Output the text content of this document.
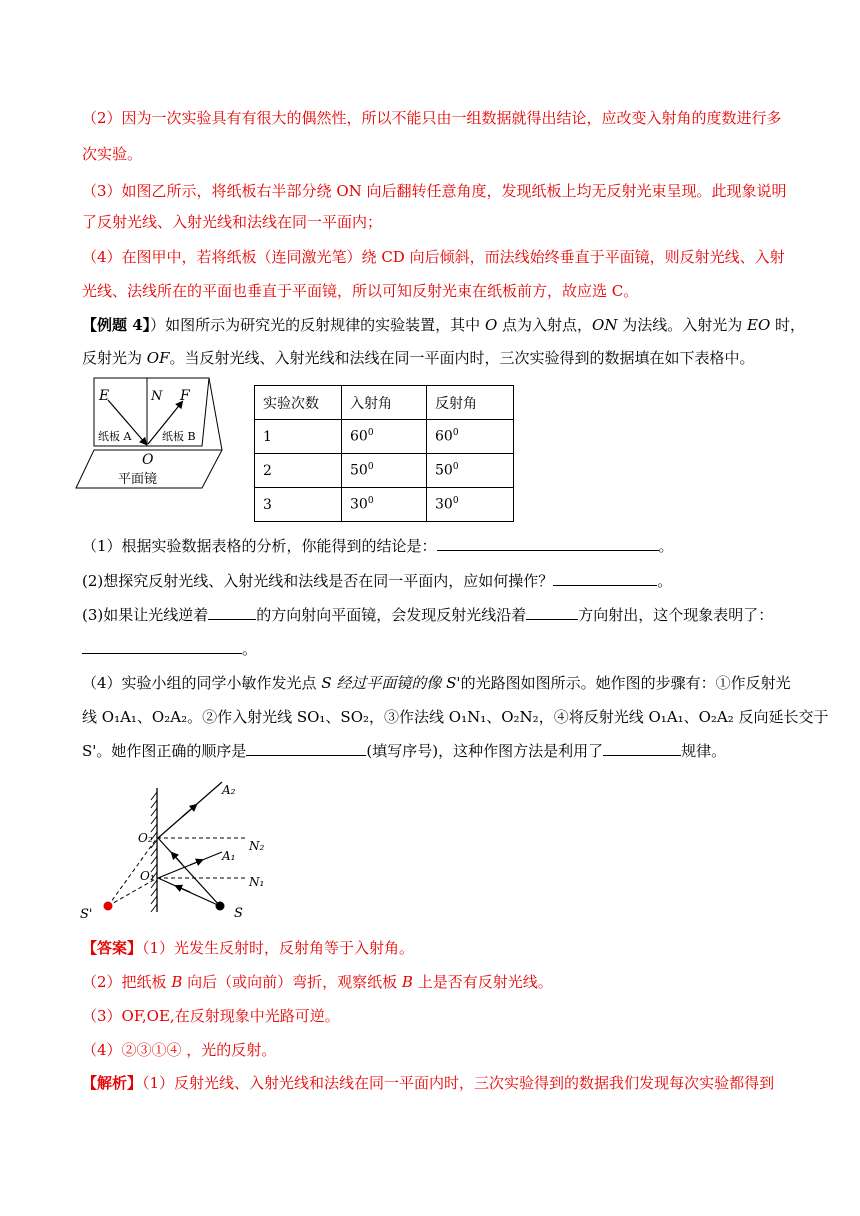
（2）因为一次实验具有有很大的偶然性，所以不能只由一组数据就得出结论，应改变入射角的度数进行多
次实验。
（3）如图乙所示，将纸板右半部分绕 ON 向后翻转任意角度，发现纸板上均无反射光束呈现。此现象说明
了反射光线、入射光线和法线在同一平面内；
（4）在图甲中，若将纸板（连同激光笔）绕 CD 向后倾斜，而法线始终垂直于平面镜，则反射光线、入射
光线、法线所在的平面也垂直于平面镜，所以可知反射光束在纸板前方，故应选 C。
【例题 4】）如图所示为研究光的反射规律的实验装置，其中 O 点为入射点，ON 为法线。入射光为 EO 时，
反射光为 OF。当反射光线、入射光线和法线在同一平面内时，三次实验得到的数据填在如下表格中。
E	N F
纸板 A	纸板 B
O
平面镜
实验次数	入射角	反射角
1	$60^0$	$60^0$
2	$50^0$	$50^0$
3	$30^0$	$30^0$
（1）根据实验数据表格的分析，你能得到的结论是：	。
(2)想探究反射光线、入射光线和法线是否在同一平面内，应如何操作？	。
(3)如果让光线逆着	的方向射向平面镜，会发现反射光线沿着	方向射出，这个现象表明了：
。
（4）实验小组的同学小敏作发光点 S 经过平面镜的像 S'的光路图如图所示。她作图的步骤有：①作反射光
线 O₁A₁、O₂A₂。②作入射光线 SO₁、SO₂，③作法线 O₁N₁、O₂N₂，④将反射光线 O₁A₁、O₂A₂ 反向延长交于
S'。她作图正确的顺序是	(填写序号)，这种作图方法是利用了	规律。
A₂
O₂
N₂
A₁
O₁	N₁
S
S'
【答案】（1）光发生反射时，反射角等于入射角。
（2）把纸板 B 向后（或向前）弯折，观察纸板 B 上是否有反射光线。
（3）OF,OE,在反射现象中光路可逆。
（4）②③①④ ，光的反射。
【解析】（1）反射光线、入射光线和法线在同一平面内时，三次实验得到的数据我们发现每次实验都得到
